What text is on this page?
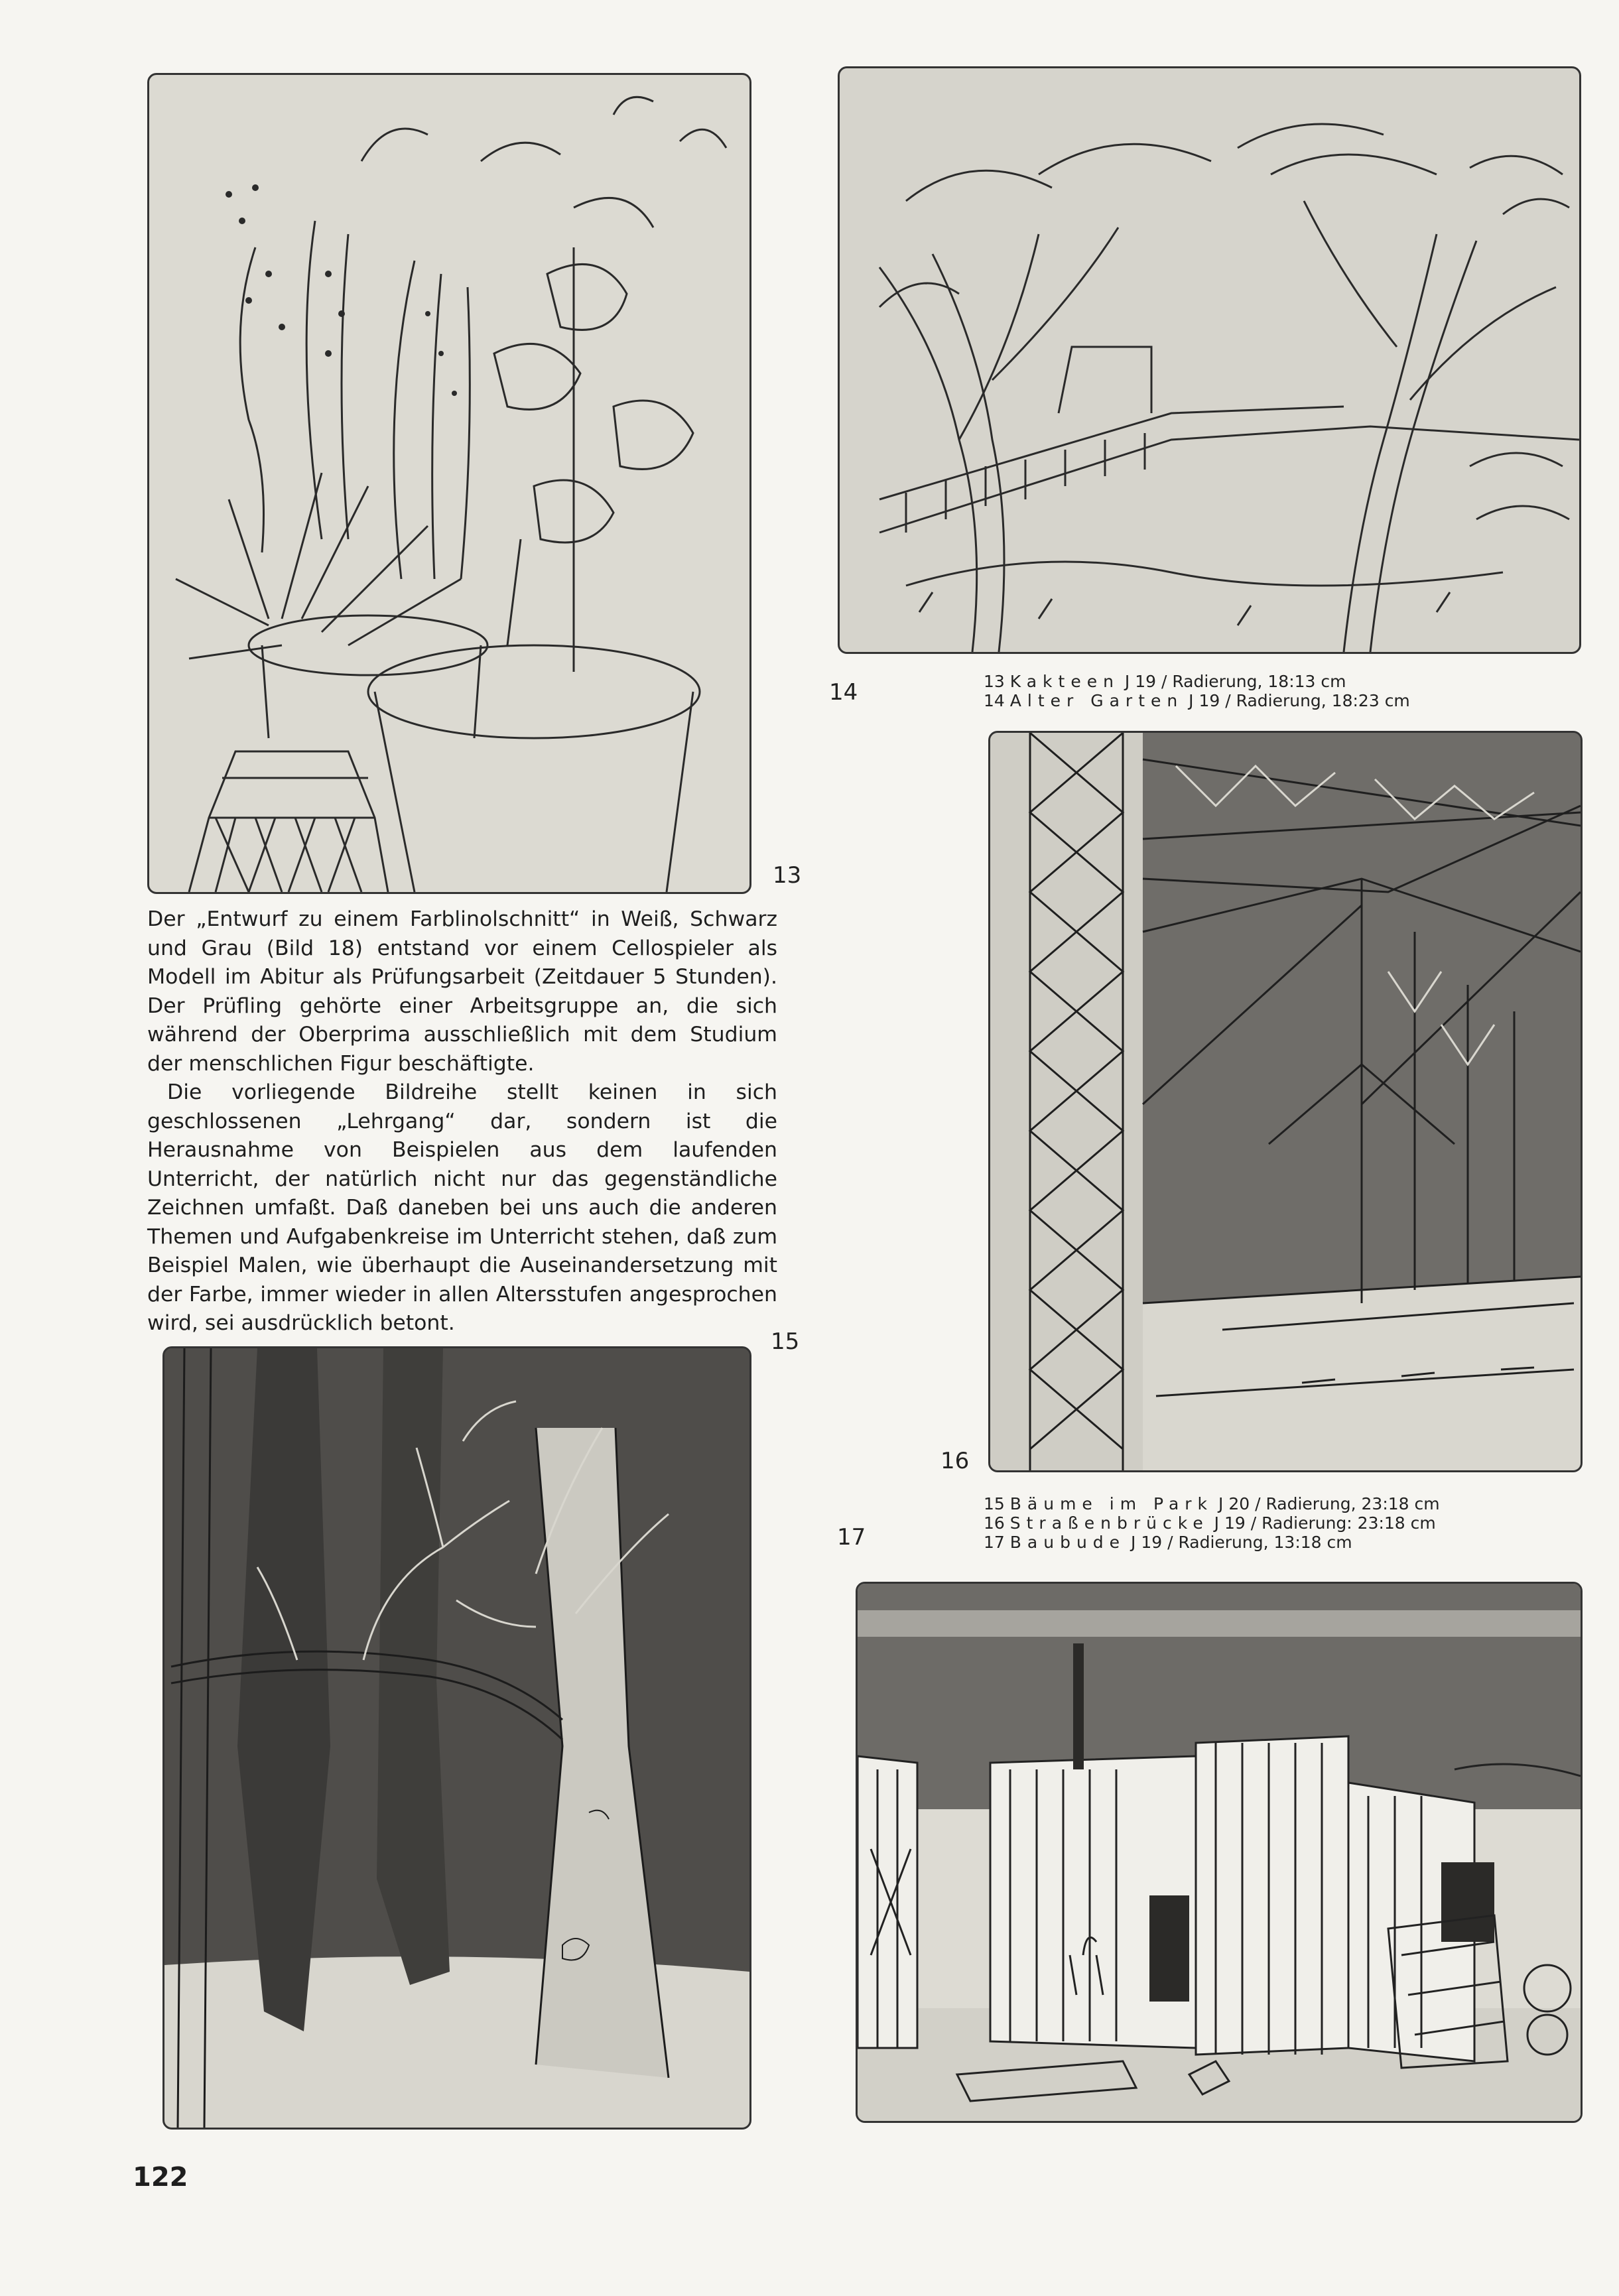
13
14	13 Kakteen J 19 / Radierung, 18:13 cm
14 Alter Garten J 19 / Radierung, 18:23 cm
16
15 Bäume im Park J 20 / Radierung, 23:18 cm
16 Straßenbrücke J 19 / Radierung: 23:18 cm
17 Baubude J 19 / Radierung, 13:18 cm

Der „Entwurf zu einem Farblinolschnitt“ in Weiß, Schwarz und Grau (Bild 18) entstand vor einem Cellospieler als Modell im Abitur als Prüfungsarbeit (Zeitdauer 5 Stunden). Der Prüfling gehörte einer Arbeitsgruppe an, die sich während der Oberprima ausschließlich mit dem Studium der menschlichen Figur beschäftigte.

Die vorliegende Bildreihe stellt keinen in sich geschlossenen „Lehrgang“ dar, sondern ist die Herausnahme von Beispielen aus dem laufenden Unterricht, der natürlich nicht nur das gegenständliche Zeichnen umfaßt. Daß daneben bei uns auch die anderen Themen und Aufgabenkreise im Unterricht stehen, daß zum Beispiel Malen, wie überhaupt die Auseinandersetzung mit der Farbe, immer wieder in allen Altersstufen angesprochen wird, sei ausdrücklich betont.

15
17
122
